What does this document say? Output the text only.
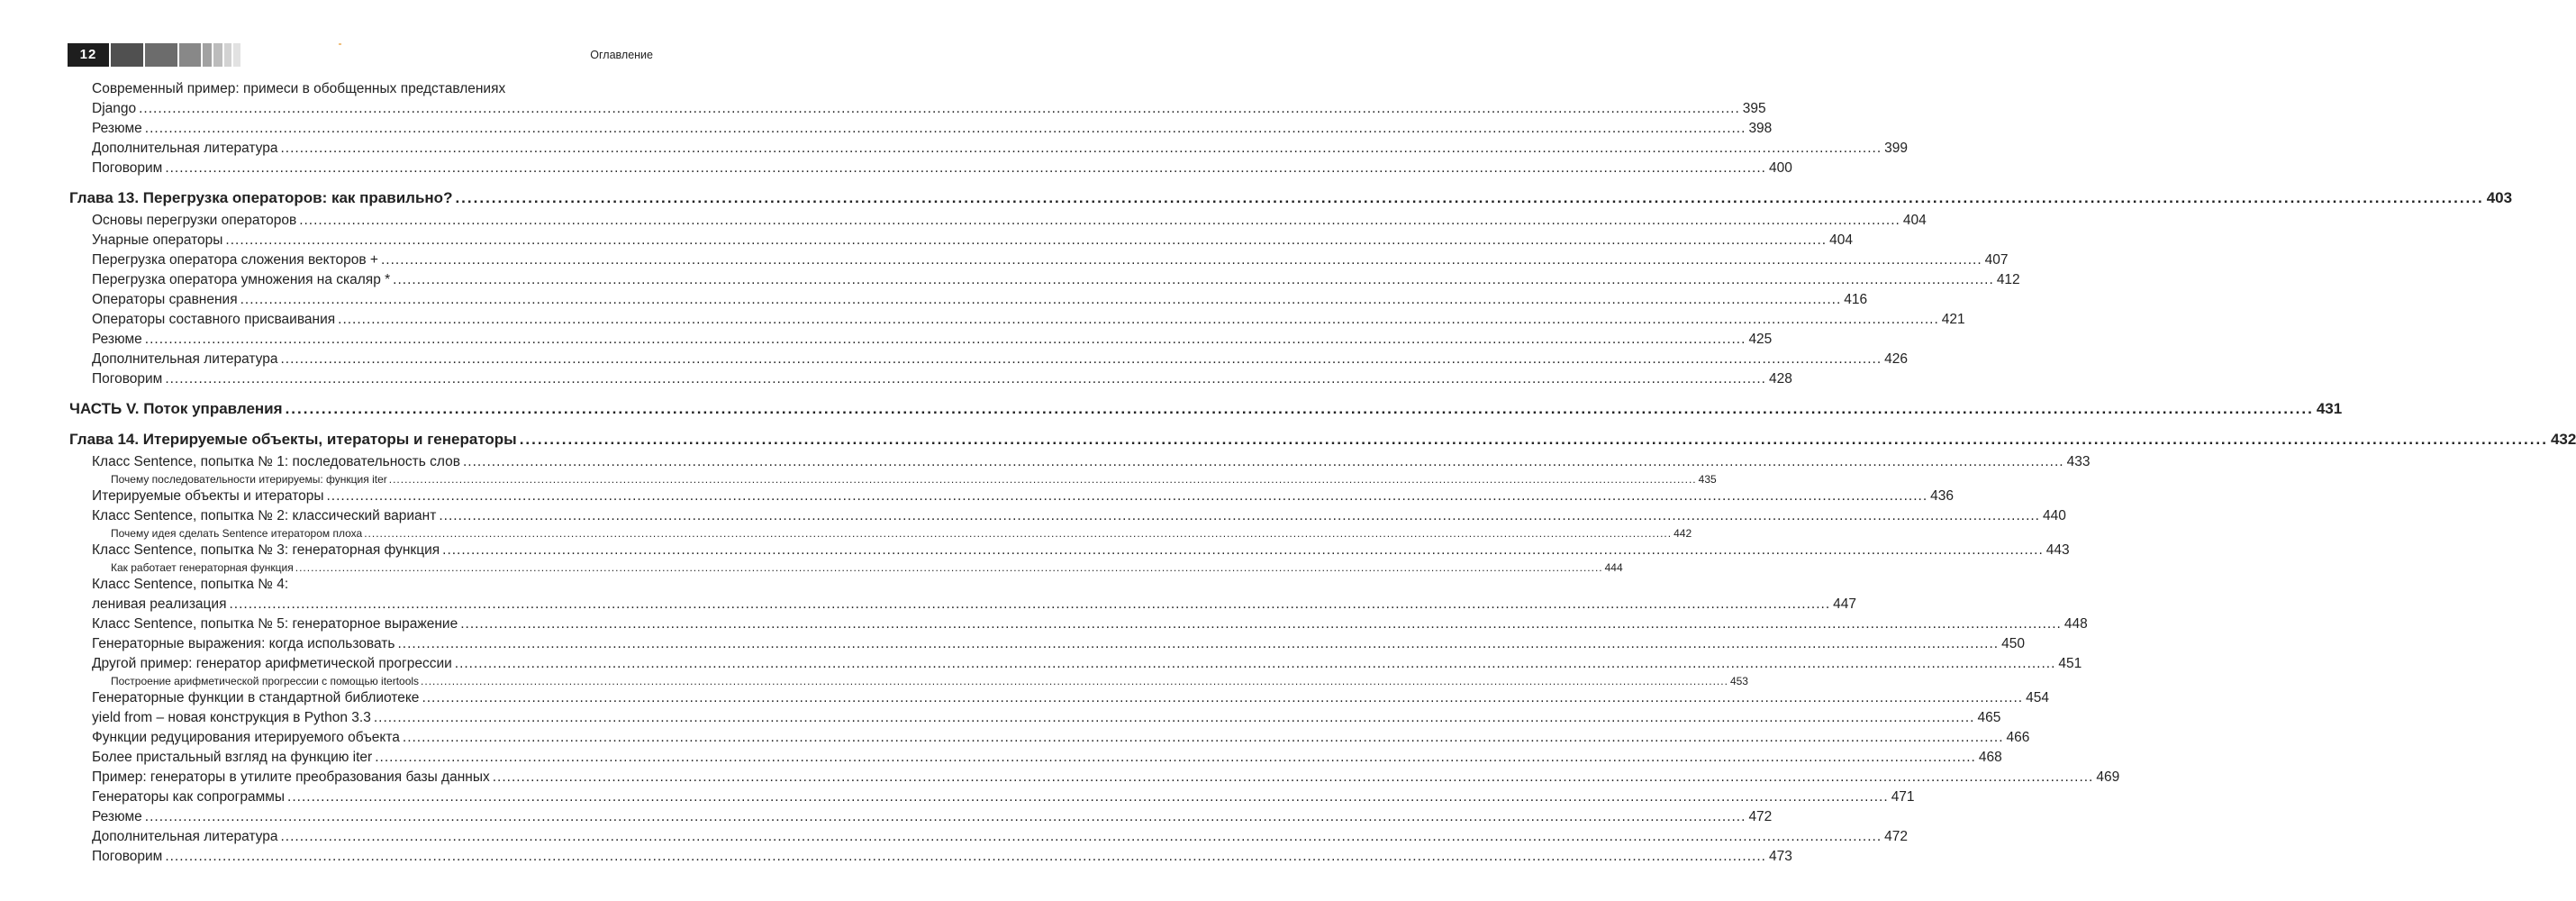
12	Оглавление
Современный пример: примеси в обобщенных представлениях
Django .....	395
Резюме .....	398
Дополнительная литература .....	399
Поговорим .....	400
Глава 13. Перегрузка операторов: как правильно? .....	403
Основы перегрузки операторов .....	404
Унарные операторы .....	404
Перегрузка оператора сложения векторов + .....	407
Перегрузка оператора умножения на скаляр * .....	412
Операторы сравнения .....	416
Операторы составного присваивания .....	421
Резюме .....	425
Дополнительная литература .....	426
Поговорим .....	428
ЧАСТЬ V. Поток управления .....	431
Глава 14. Итерируемые объекты, итераторы и генераторы .....	432
Класс Sentence, попытка № 1: последовательность слов .....	433
Почему последовательности итерируемы: функция iter .....	435
Итерируемые объекты и итераторы .....	436
Класс Sentence, попытка № 2: классический вариант .....	440
Почему идея сделать Sentence итератором плоха .....	442
Класс Sentence, попытка № 3: генераторная функция .....	443
Как работает генераторная функция .....	444
Класс Sentence, попытка № 4:
ленивая реализация .....	447
Класс Sentence, попытка № 5: генераторное выражение .....	448
Генераторные выражения: когда использовать .....	450
Другой пример: генератор арифметической прогрессии .....	451
Построение арифметической прогрессии с помощью itertools .....	453
Генераторные функции в стандартной библиотеке .....	454
yield from – новая конструкция в Python 3.3 .....	465
Функции редуцирования итерируемого объекта .....	466
Более пристальный взгляд на функцию iter .....	468
Пример: генераторы в утилите преобразования базы данных .....	469
Генераторы как сопрограммы .....	471
Резюме .....	472
Дополнительная литература .....	472
Поговорим .....	473
